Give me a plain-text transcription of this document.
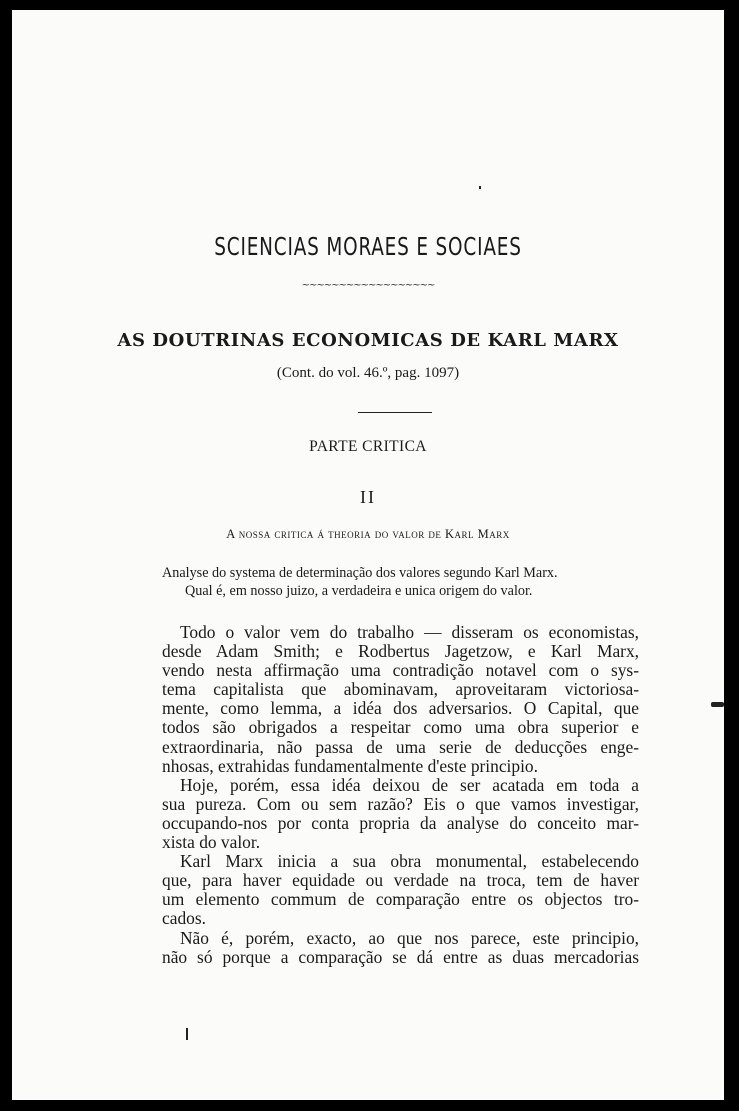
SCIENCIAS MORAES E SOCIAES
~~~~~~~~~~~~~~~~~~
AS DOUTRINAS ECONOMICAS DE KARL MARX
(Cont. do vol. 46.º, pag. 1097)
PARTE CRITICA
II
A nossa critica á theoria do valor de Karl Marx
Analyse do systema de determinação dos valores segundo Karl Marx.
Qual é, em nosso juizo, a verdadeira e unica origem do valor.
Todo o valor vem do trabalho — disseram os economistas,
desde Adam Smith; e Rodbertus Jagetzow, e Karl Marx,
vendo nesta affirmação uma contradição notavel com o sys-
tema capitalista que abominavam, aproveitaram victoriosa-
mente, como lemma, a idéa dos adversarios. O Capital, que
todos são obrigados a respeitar como uma obra superior e
extraordinaria, não passa de uma serie de deducções enge-
nhosas, extrahidas fundamentalmente d'este principio.
Hoje, porém, essa idéa deixou de ser acatada em toda a
sua pureza. Com ou sem razão? Eis o que vamos investigar,
occupando-nos por conta propria da analyse do conceito mar-
xista do valor.
Karl Marx inicia a sua obra monumental, estabelecendo
que, para haver equidade ou verdade na troca, tem de haver
um elemento commum de comparação entre os objectos tro-
cados.
Não é, porém, exacto, ao que nos parece, este principio,
não só porque a comparação se dá entre as duas mercadorias
